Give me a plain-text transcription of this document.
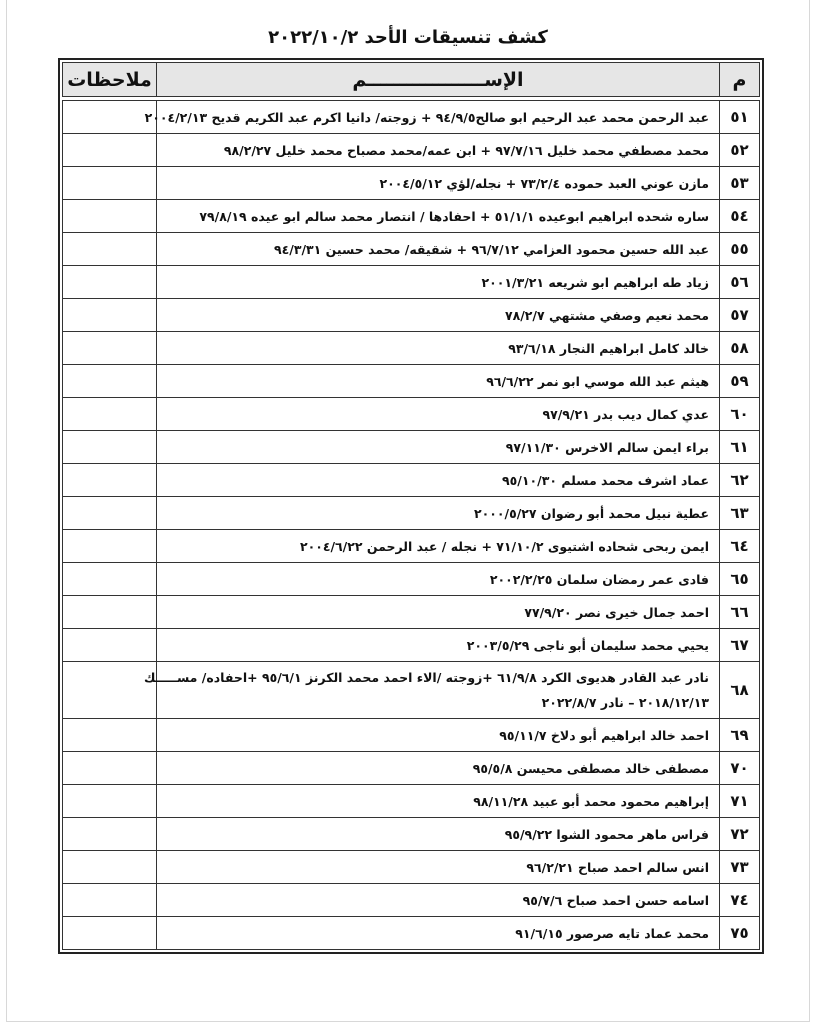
كشف تنسيقات الأحد ٢٠٢٢/١٠/٢
م	الإســــــــــــــــــم	ملاحظات

٥١	عبد الرحمن محمد عبد الرحيم ابو صالح٩٤/٩/٥ + زوجته/ دانيا اكرم عبد الكريم قديح ٢٠٠٤/٢/١٣	
٥٢	محمد مصطفي محمد خليل ٩٧/٧/١٦ + ابن عمه/محمد مصباح محمد خليل ٩٨/٢/٢٧	
٥٣	مازن عوني العبد حموده ٧٣/٢/٤ + نجله/لؤي ٢٠٠٤/٥/١٢	
٥٤	ساره شحده ابراهيم ابوعيده ٥١/١/١ + احفادها / انتصار محمد سالم ابو عيده ٧٩/٨/١٩	
٥٥	عبد الله حسين محمود العزامي ٩٦/٧/١٢ + شقيقه/ محمد حسين ٩٤/٣/٣١	
٥٦	زياد طه ابراهيم ابو شريعه ٢٠٠١/٣/٢١	
٥٧	محمد نعيم وصفي مشتهي ٧٨/٢/٧	
٥٨	خالد كامل ابراهيم النجار ٩٣/٦/١٨	
٥٩	هيثم عبد الله موسي ابو نمر ٩٦/٦/٢٢	
٦٠	عدي كمال ديب بدر ٩٧/٩/٢١	
٦١	براء ايمن سالم الاخرس ٩٧/١١/٣٠	
٦٢	عماد اشرف محمد مسلم ٩٥/١٠/٣٠	
٦٣	عطية نبيل محمد أبو رضوان ٢٠٠٠/٥/٢٧	
٦٤	ايمن ربحى شحاده اشتيوى ٧١/١٠/٢ + نجله / عبد الرحمن ٢٠٠٤/٦/٢٢	
٦٥	فادى عمر رمضان سلمان ٢٠٠٢/٢/٢٥	
٦٦	احمد جمال خيرى نصر ٧٧/٩/٢٠	
٦٧	يحيي محمد سليمان أبو ناجى ٢٠٠٣/٥/٢٩	
٦٨	نادر عبد القادر هديوى الكرد ٦١/٩/٨ +زوجته /الاء احمد محمد الكرنز ٩٥/٦/١ +احفاده/ مســـــك
٢٠١٨/١٢/١٣ – نادر ٢٠٢٢/٨/٧	

٦٩	احمد خالد ابراهيم أبو دلاخ ٩٥/١١/٧	
٧٠	مصطفى خالد مصطفى محيسن ٩٥/٥/٨	
٧١	إبراهيم محمود محمد أبو عبيد ٩٨/١١/٢٨	
٧٢	فراس ماهر محمود الشوا ٩٥/٩/٢٢	
٧٣	انس سالم احمد صباح ٩٦/٢/٢١	
٧٤	اسامه حسن احمد صباح ٩٥/٧/٦	
٧٥	محمد عماد تايه صرصور ٩١/٦/١٥	
